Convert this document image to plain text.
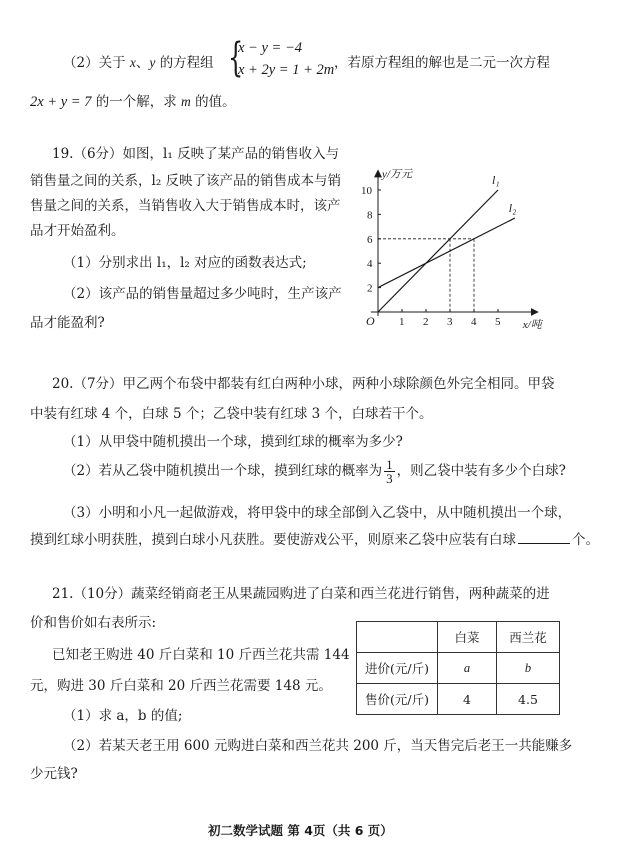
（2）关于 x、y 的方程组 {
x − y = −4
x + 2y = 1 + 2m ，若原方程组的解也是二元一次方程
2x + y = 7 的一个解，求 m 的值。
19.（6分）如图，l₁ 反映了某产品的销售收入与
销售量之间的关系，l₂ 反映了该产品的销售成本与销
售量之间的关系，当销售收入大于销售成本时，该产
品才开始盈利。
（1）分别求出 l₁，l₂ 对应的函数表达式;
（2）该产品的销售量超过多少吨时，生产该产
品才能盈利?
y/万元
x/吨
O 1 2 3 4 5
2
4
6
8
10
l₁
l₂
20.（7分）甲乙两个布袋中都装有红白两种小球，两种小球除颜色外完全相同。甲袋
中装有红球 4 个，白球 5 个；乙袋中装有红球 3 个，白球若干个。
（1）从甲袋中随机摸出一个球，摸到红球的概率为多少?
（2）若从乙袋中随机摸出一个球，摸到红球的概率为 $\frac{1}{3}$ ，则乙袋中装有多少个白球?
（3）小明和小凡一起做游戏，将甲袋中的球全部倒入乙袋中，从中随机摸出一个球，
摸到红球小明获胜，摸到白球小凡获胜。要使游戏公平，则原来乙袋中应装有白球	个。
21.（10分）蔬菜经销商老王从果蔬园购进了白菜和西兰花进行销售，两种蔬菜的进
价和售价如右表所示:
已知老王购进 40 斤白菜和 10 斤西兰花共需 144
元，购进 30 斤白菜和 20 斤西兰花需要 148 元。
（1）求 a，b 的值;
（2）若某天老王用 600 元购进白菜和西兰花共 200 斤，当天售完后老王一共能赚多
少元钱?
	白菜	西兰花
进价(元/斤)	a	b
售价(元/斤)	4	4.5
初二数学试题 第 4页（共 6 页）
